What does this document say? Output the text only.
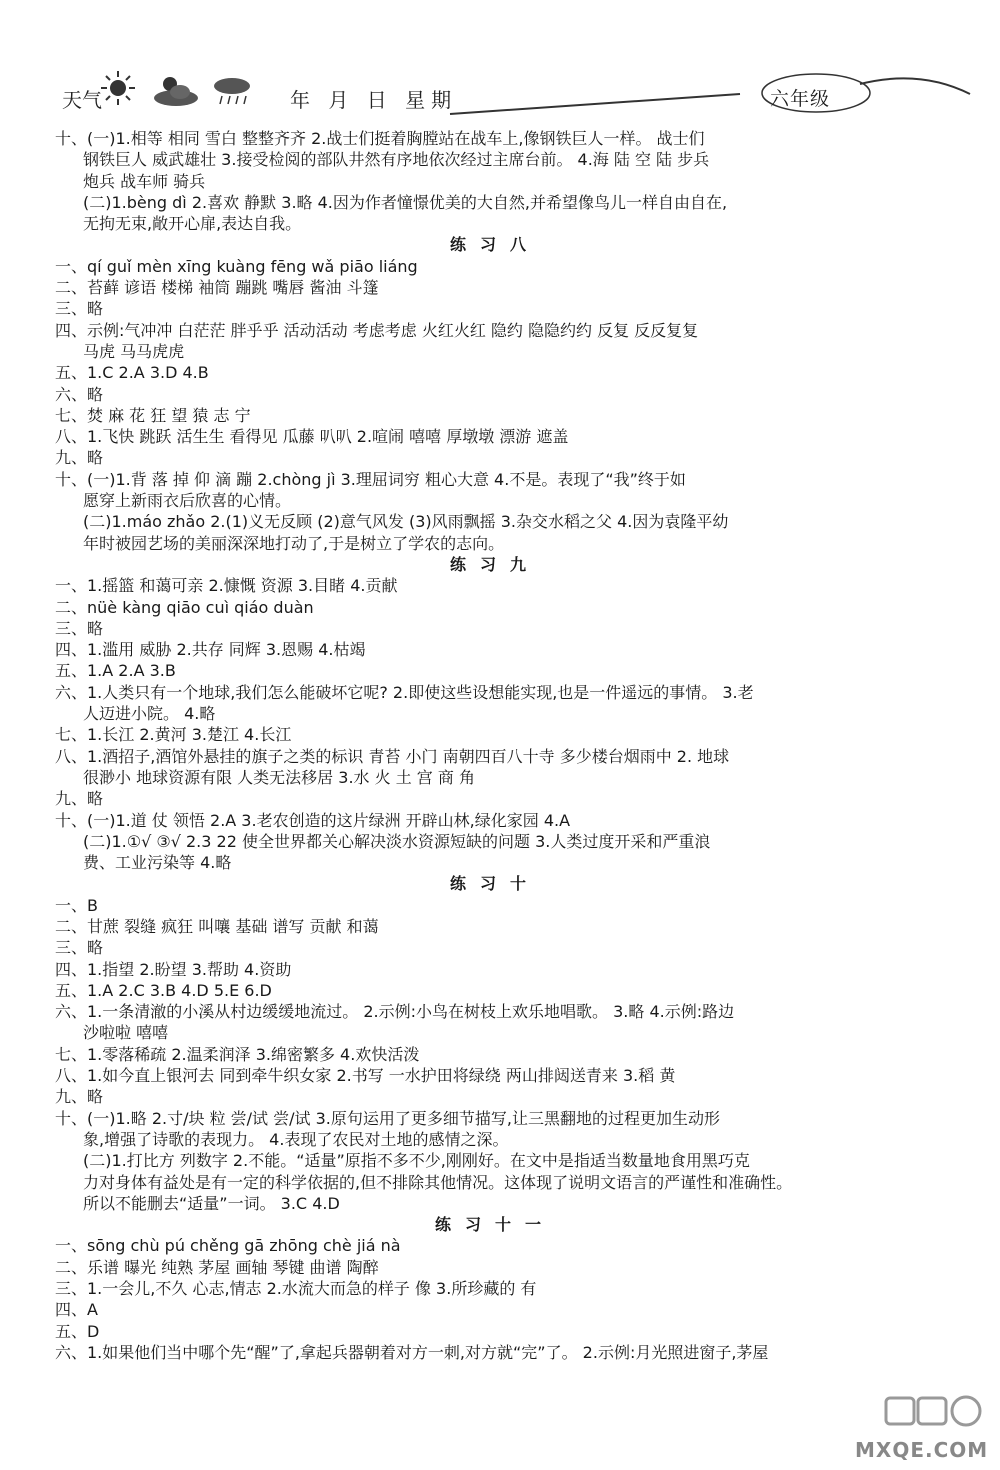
天气	年 月 日 星期	六年级
十、(一)1.相等 相同 雪白 整整齐齐 2.战士们挺着胸膛站在战车上,像钢铁巨人一样。 战士们
钢铁巨人 威武雄壮 3.接受检阅的部队井然有序地依次经过主席台前。 4.海 陆 空 陆 步兵
炮兵 战车师 骑兵
(二)1.bèng dì 2.喜欢 静默 3.略 4.因为作者憧憬优美的大自然,并希望像鸟儿一样自由自在,
无拘无束,敞开心扉,表达自我。
练习八
一、qí guǐ mèn xīng kuàng fēng wǎ piāo liáng
二、苔藓 谚语 楼梯 袖筒 蹦跳 嘴唇 酱油 斗篷
三、略
四、示例:气冲冲 白茫茫 胖乎乎 活动活动 考虑考虑 火红火红 隐约 隐隐约约 反复 反反复复
马虎 马马虎虎
五、1.C 2.A 3.D 4.B
六、略
七、焚 麻 花 狂 望 猿 志 宁
八、1.飞快 跳跃 活生生 看得见 瓜藤 叭叭 2.喧闹 嘻嘻 厚墩墩 漂游 遮盖
九、略
十、(一)1.背 落 掉 仰 滴 蹦 2.chòng jì 3.理屈词穷 粗心大意 4.不是。表现了“我”终于如
愿穿上新雨衣后欣喜的心情。
(二)1.máo zhǎo 2.(1)义无反顾 (2)意气风发 (3)风雨飘摇 3.杂交水稻之父 4.因为袁隆平幼
年时被园艺场的美丽深深地打动了,于是树立了学农的志向。
练习九
一、1.摇篮 和蔼可亲 2.慷慨 资源 3.目睹 4.贡献
二、nüè kàng qiāo cuì qiáo duàn
三、略
四、1.滥用 威胁 2.共存 同辉 3.恩赐 4.枯竭
五、1.A 2.A 3.B
六、1.人类只有一个地球,我们怎么能破坏它呢? 2.即使这些设想能实现,也是一件遥远的事情。 3.老
人迈进小院。 4.略
七、1.长江 2.黄河 3.楚江 4.长江
八、1.酒招子,酒馆外悬挂的旗子之类的标识 青苔 小门 南朝四百八十寺 多少楼台烟雨中 2. 地球
很渺小 地球资源有限 人类无法移居 3.水 火 土 宫 商 角
九、略
十、(一)1.道 仗 领悟 2.A 3.老农创造的这片绿洲 开辟山林,绿化家园 4.A
(二)1.①√ ③√ 2.3 22 使全世界都关心解决淡水资源短缺的问题 3.人类过度开采和严重浪
费、工业污染等 4.略
练习十
一、B
二、甘蔗 裂缝 疯狂 叫嚷 基础 谱写 贡献 和蔼
三、略
四、1.指望 2.盼望 3.帮助 4.资助
五、1.A 2.C 3.B 4.D 5.E 6.D
六、1.一条清澈的小溪从村边缓缓地流过。 2.示例:小鸟在树枝上欢乐地唱歌。 3.略 4.示例:路边
沙啦啦 嘻嘻
七、1.零落稀疏 2.温柔润泽 3.绵密繁多 4.欢快活泼
八、1.如今直上银河去 同到牵牛织女家 2.书写 一水护田将绿绕 两山排闼送青来 3.稻 黄
九、略
十、(一)1.略 2.寸/块 粒 尝/试 尝/试 3.原句运用了更多细节描写,让三黑翻地的过程更加生动形
象,增强了诗歌的表现力。 4.表现了农民对土地的感情之深。
(二)1.打比方 列数字 2.不能。“适量”原指不多不少,刚刚好。在文中是指适当数量地食用黑巧克
力对身体有益处是有一定的科学依据的,但不排除其他情况。这体现了说明文语言的严谨性和准确性。
所以不能删去“适量”一词。 3.C 4.D
练习十一
一、sōng chù pú chěng gā zhōng chè jiá nà
二、乐谱 曝光 纯熟 茅屋 画轴 琴键 曲谱 陶醉
三、1.一会儿,不久 心志,情志 2.水流大而急的样子 像 3.所珍藏的 有
四、A
五、D
六、1.如果他们当中哪个先“醒”了,拿起兵器朝着对方一刺,对方就“完”了。 2.示例:月光照进窗子,茅屋
MXQE.COM
